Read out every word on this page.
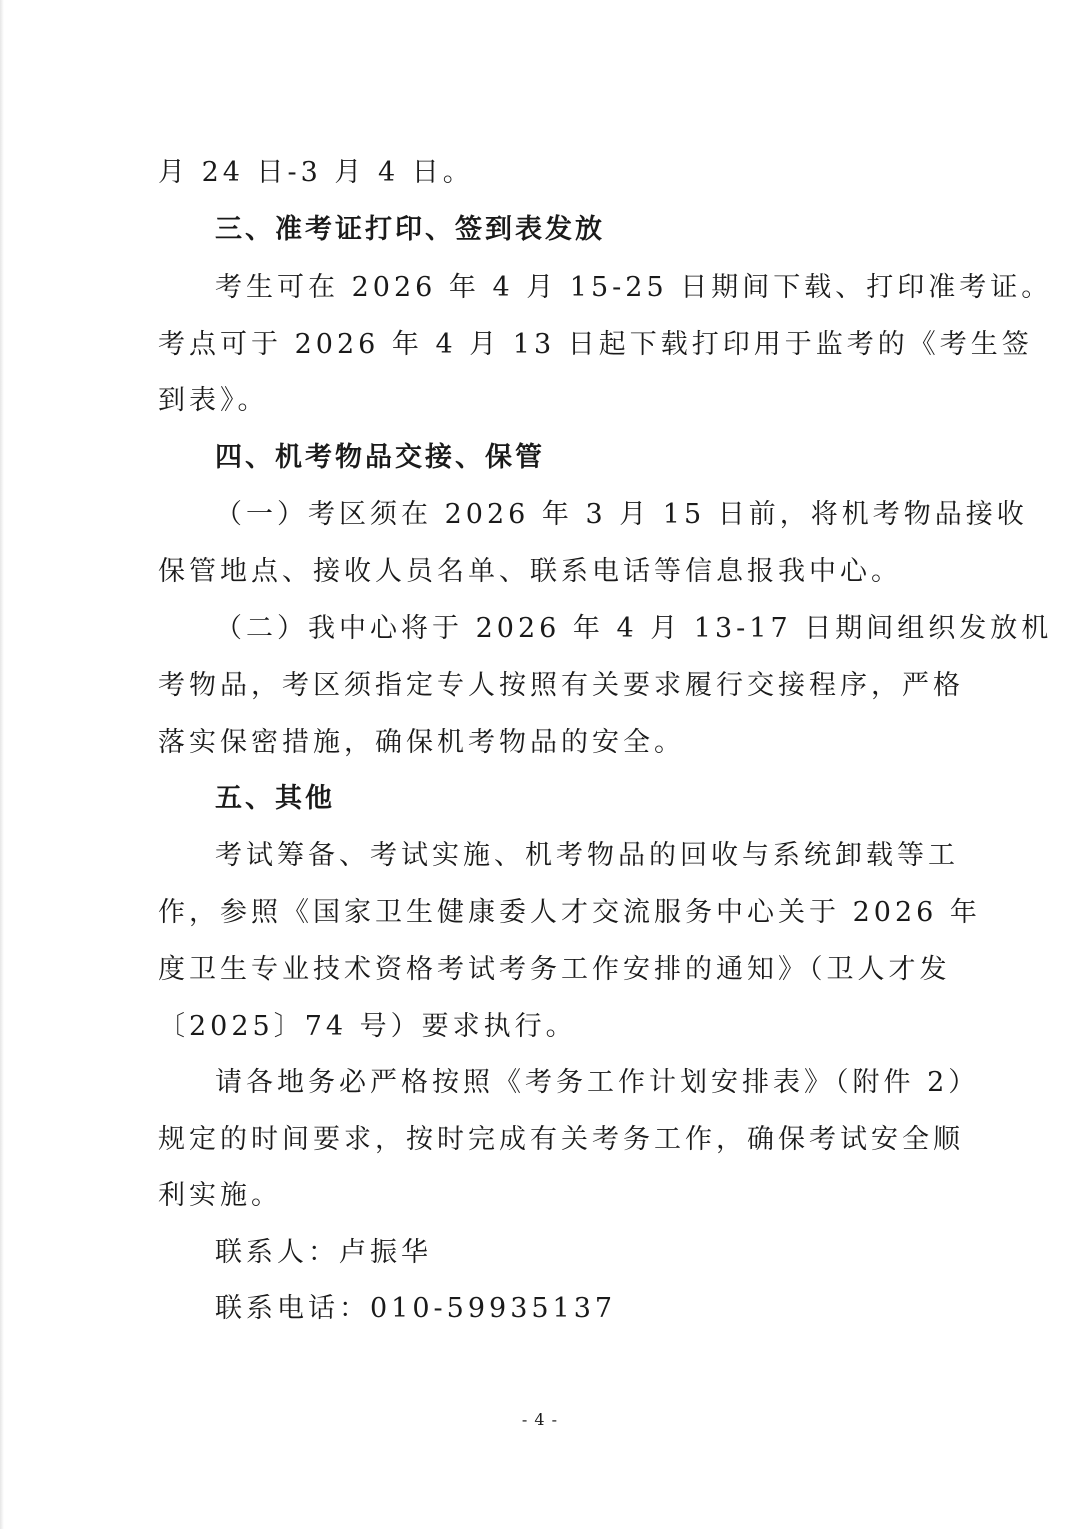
月 24 日-3 月 4 日。
三、准考证打印、签到表发放
考生可在 2026 年 4 月 15-25 日期间下载、打印准考证。
考点可于 2026 年 4 月 13 日起下载打印用于监考的《考生签
到表》。
四、机考物品交接、保管
（一）考区须在 2026 年 3 月 15 日前，将机考物品接收
保管地点、接收人员名单、联系电话等信息报我中心。
（二）我中心将于 2026 年 4 月 13-17 日期间组织发放机
考物品，考区须指定专人按照有关要求履行交接程序，严格
落实保密措施，确保机考物品的安全。
五、其他
考试筹备、考试实施、机考物品的回收与系统卸载等工
作，参照《国家卫生健康委人才交流服务中心关于 2026 年
度卫生专业技术资格考试考务工作安排的通知》（卫人才发
〔2025〕74 号）要求执行。
请各地务必严格按照《考务工作计划安排表》（附件 2）
规定的时间要求，按时完成有关考务工作，确保考试安全顺
利实施。
联系人：卢振华
联系电话：010-59935137
- 4 -
